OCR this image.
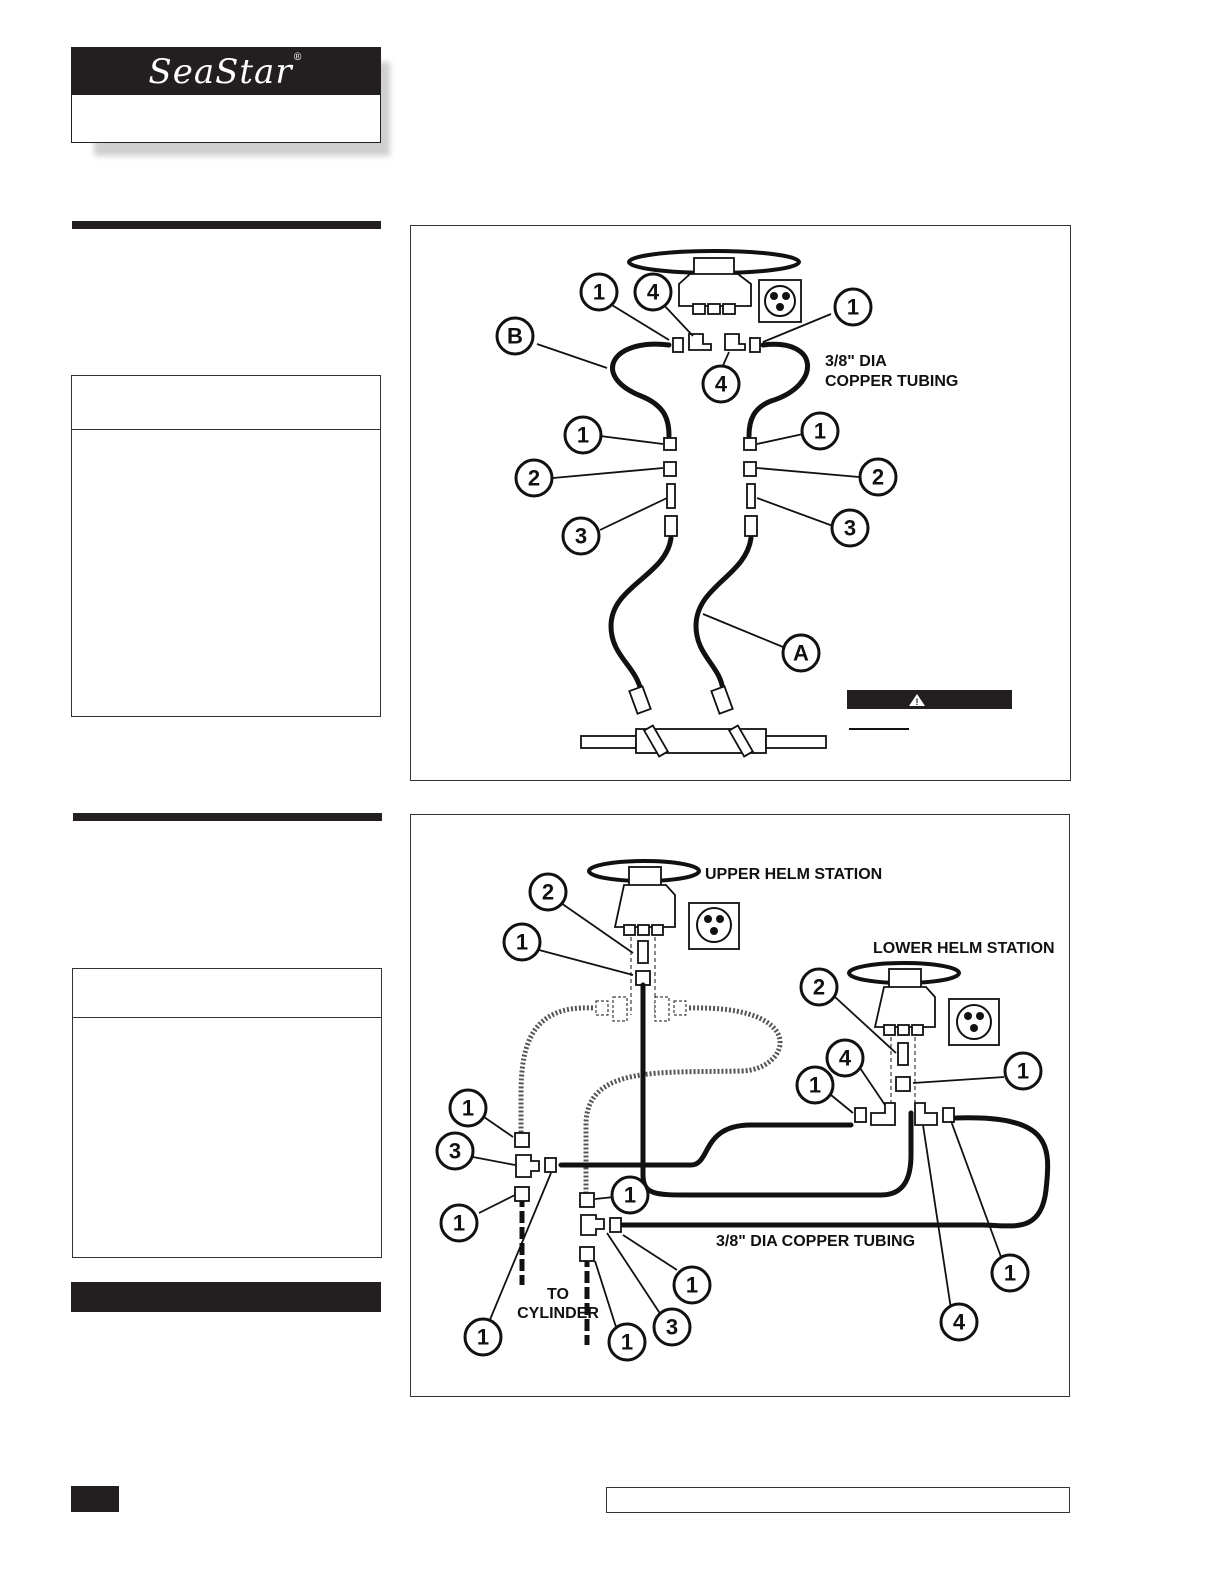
SeaStar®
1 4
1
B
4
1	1
2	2
3	3
A
3/8" DIA
COPPER TUBING
!
2
1
2
4
1
1
1
3
1
1
1
3
1	1
1
4
UPPER HELM STATION
LOWER HELM STATION
3/8" DIA COPPER TUBING
TO
CYLINDER
